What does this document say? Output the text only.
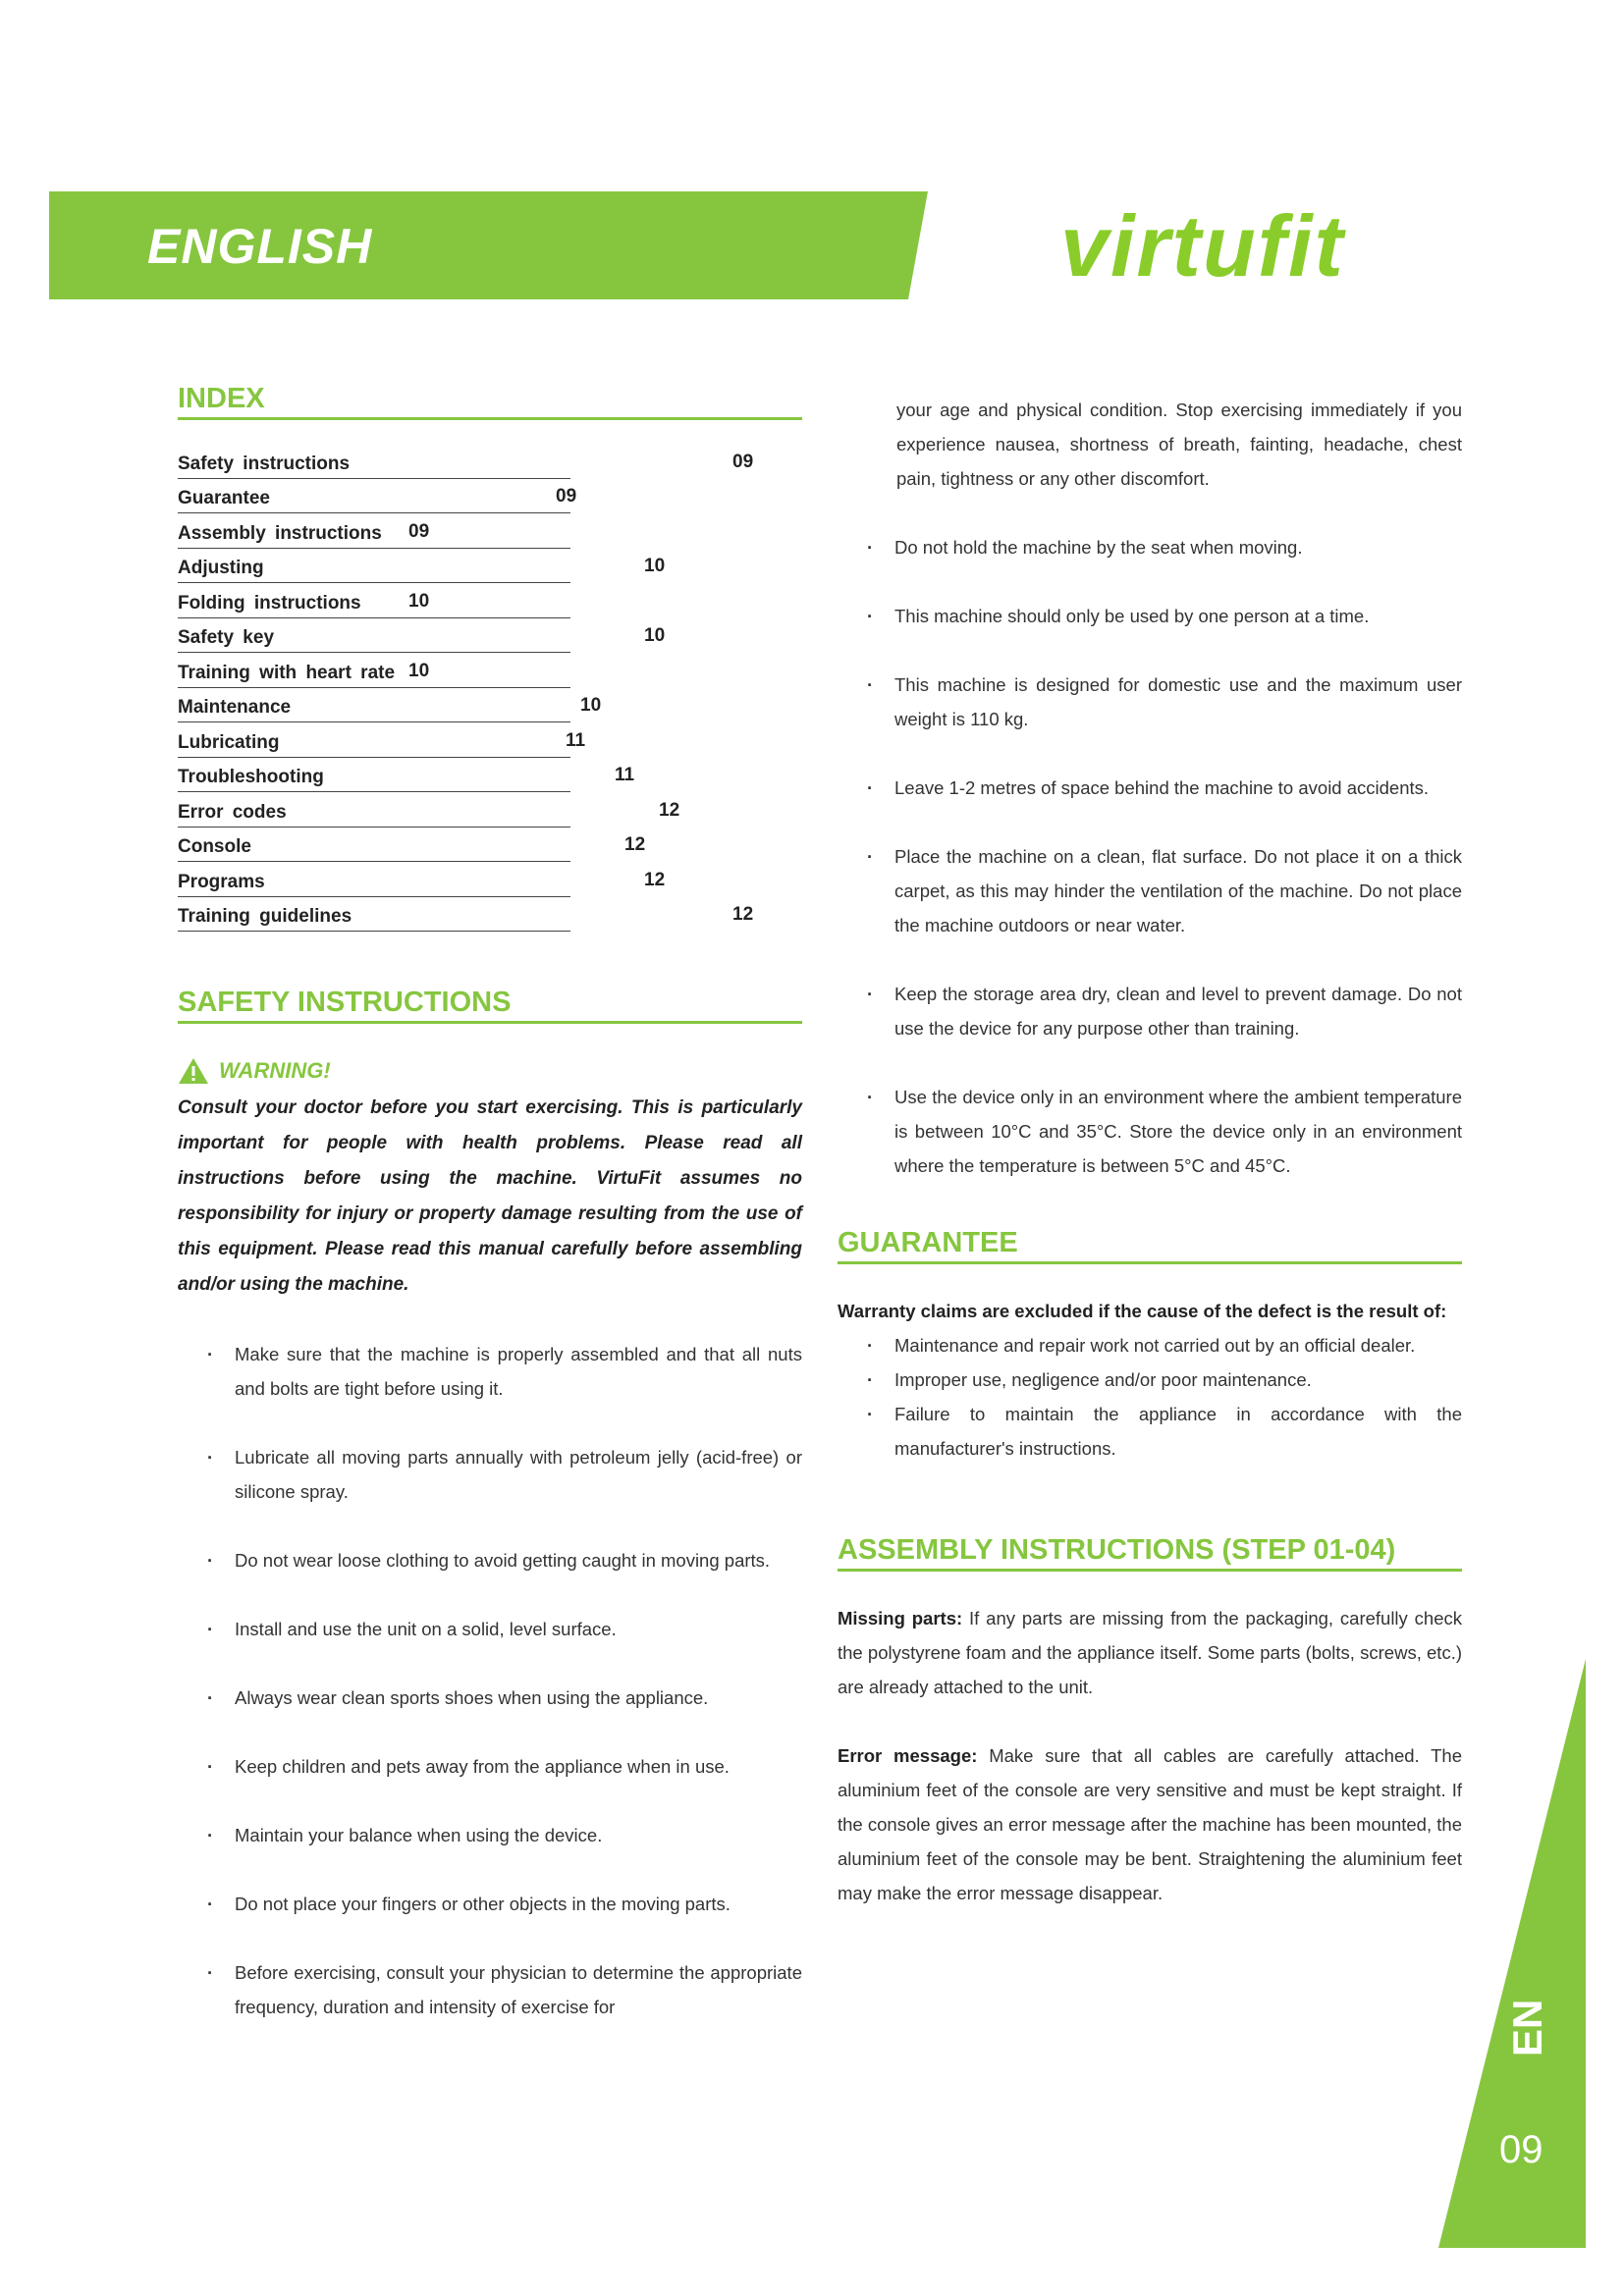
ENGLISH	virtufit
INDEX
Safety instructions	09
Guarantee	09
Assembly instructions	09
Adjusting	10
Folding instructions	10
Safety key	10
Training with heart rate 10
Maintenance	10
Lubricating	11
Troubleshooting	11
Error codes	12
Console	12
Programs	12
Training guidelines	12
SAFETY INSTRUCTIONS
WARNING!

Consult your doctor before you start exercising. This is particularly important for people with health problems. Please read all instructions before using the machine. VirtuFit assumes no responsibility for injury or property damage resulting from the use of this equipment. Please read this manual carefully before assembling and/or using the machine.

· Make sure that the machine is properly assembled and that all nuts and bolts are tight before using it.
· Lubricate all moving parts annually with petroleum jelly (acid-free) or silicone spray.
· Do not wear loose clothing to avoid getting caught in moving parts.
· Install and use the unit on a solid, level surface.
· Always wear clean sports shoes when using the appliance.
· Keep children and pets away from the appliance when in use.
· Maintain your balance when using the device.
· Do not place your fingers or other objects in the moving parts.
· Before exercising, consult your physician to determine the appropriate frequency, duration and intensity of exercise for

your age and physical condition. Stop exercising immediately if you experience nausea, shortness of breath, fainting, headache, chest pain, tightness or any other discomfort.

· Do not hold the machine by the seat when moving.
· This machine should only be used by one person at a time.
· This machine is designed for domestic use and the maximum user weight is 110 kg.
· Leave 1-2 metres of space behind the machine to avoid accidents.
· Place the machine on a clean, flat surface. Do not place it on a thick carpet, as this may hinder the ventilation of the machine. Do not place the machine outdoors or near water.
· Keep the storage area dry, clean and level to prevent damage. Do not use the device for any purpose other than training.
· Use the device only in an environment where the ambient temperature is between 10°C and 35°C. Store the device only in an environment where the temperature is between 5°C and 45°C.
GUARANTEE

Warranty claims are excluded if the cause of the defect is the result of:

· Maintenance and repair work not carried out by an official dealer.
· Improper use, negligence and/or poor maintenance.
· Failure to maintain the appliance in accordance with the manufacturer's instructions.
ASSEMBLY INSTRUCTIONS (STEP 01-04)

Missing parts: If any parts are missing from the packaging, carefully check the polystyrene foam and the appliance itself. Some parts (bolts, screws, etc.) are already attached to the unit.

Error message: Make sure that all cables are carefully attached. The aluminium feet of the console are very sensitive and must be kept straight. If the console gives an error message after the machine has been mounted, the aluminium feet of the console may be bent. Straightening the aluminium feet may make the error message disappear.

EN
09
